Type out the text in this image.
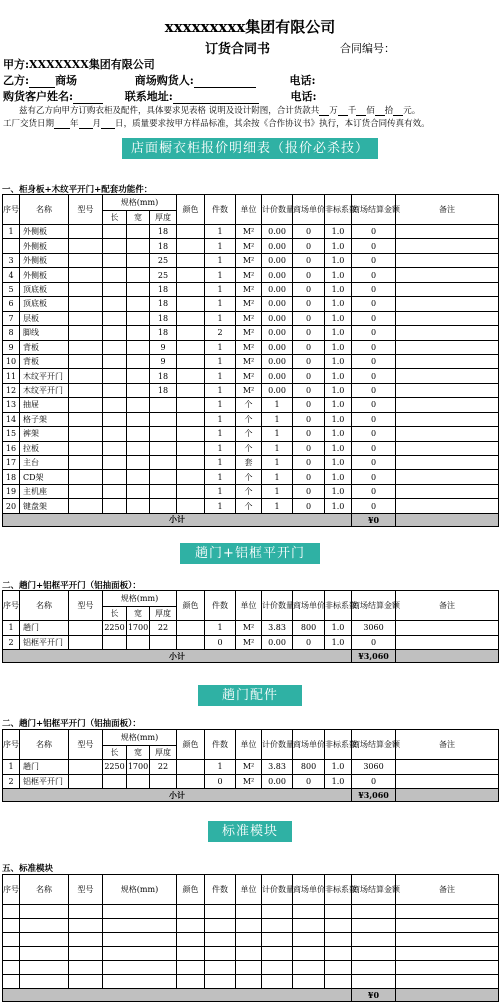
xxxxxxxxx集团有限公司
订货合同书	合同编号：
甲方:XXXXXXX集团有限公司
乙方: 商场	商场购货人:	电话:
购货客户姓名:	联系地址:	电话:
兹有乙方向甲方订购衣柜及配件，具体要求见表格 说明及设计附图，合计货款共 万 千 佰 拾 元。
工厂交货日期 年 月 日，质量要求按甲方样品标准，其余按《合作协议书》执行，本订货合同传真有效。
店面橱衣柜报价明细表（报价必杀技）
一、柜身板+木纹平开门+配套功能件：
序号	名称	型号	规格(mm)			颜色	件数	单位	计价数量	商场单价	非标系数	商场结算金额	备注
			长	宽	厚度								
1	外侧板				18		1	M²	0.00	0	1.0	0	
	外侧板				18		1	M²	0.00	0	1.0	0	
3	外侧板				25		1	M²	0.00	0	1.0	0	
4	外侧板				25		1	M²	0.00	0	1.0	0	
5	顶底板				18		1	M²	0.00	0	1.0	0	
6	顶底板				18		1	M²	0.00	0	1.0	0	
7	层板				18		1	M²	0.00	0	1.0	0	
8	脚线				18		2	M²	0.00	0	1.0	0	
9	背板				9		1	M²	0.00	0	1.0	0	
10	背板				9		1	M²	0.00	0	1.0	0	
11	木纹平开门				18		1	M²	0.00	0	1.0	0	
12	木纹平开门				18		1	M²	0.00	0	1.0	0	
13	抽屉						1	个	1	0	1.0	0	
14	格子架						1	个	1	0	1.0	0	
15	裤架						1	个	1	0	1.0	0	
16	拉板						1	个	1	0	1.0	0	
17	主台						1	套	1	0	1.0	0	
18	CD架						1	个	1	0	1.0	0	
19	主机座						1	个	1	0	1.0	0	
20	键盘架						1	个	1	0	1.0	0	
小计												¥0	
趟门+铝框平开门
二、趟门+铝框平开门（铝抽面板）：
序号	名称	型号	规格(mm)			颜色	件数	单位	计价数量	商场单价	非标系数	商场结算金额	备注
			长	宽	厚度								
1	趟门		2250	1700	22		1	M²	3.83	800	1.0	3060	
2	铝框平开门						0	M²	0.00	0	1.0	0	
小计												¥3,060	
趟门配件
二、趟门+铝框平开门（铝抽面板）：
序号	名称	型号	规格(mm)			颜色	件数	单位	计价数量	商场单价	非标系数	商场结算金额	备注
			长	宽	厚度								
1	趟门		2250	1700	22		1	M²	3.83	800	1.0	3060	
2	铝框平开门						0	M²	0.00	0	1.0	0	
小计												¥3,060	
标准模块
五、标准模块
序号	名称	型号	规格(mm)	颜色	件数	单位	计价数量	商场单价	非标系数	商场结算金额	备注

										¥0	
